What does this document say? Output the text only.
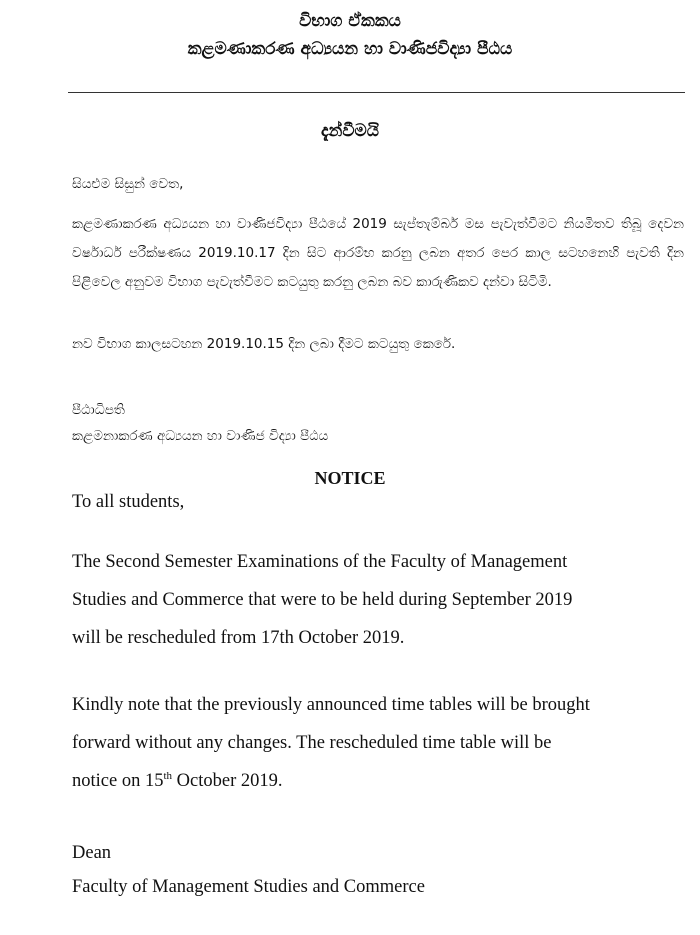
විභාග ඒකකය

කළමණාකරණ අධ්‍යයන හා වාණිජවිද්‍යා පීඨය

දැන්වීමයි

සියළුම සිසුන් වෙත,

කළමණාකරණ අධ්‍යයන හා වාණිජවිද්‍යා පීඨයේ 2019 සැප්තැම්බර් මස පැවැත්වීමට නියමිතව තිබූ දෙවන වර්ෂාර්ධ පරීක්ෂණය 2019.10.17 දින සිට ආරම්භ කරනු ලබන අතර පෙර කාල සටහනෙහි පැවති දින පිළිවෙල අනුවම විභාග පැවැත්වීමට කටයුතු කරනු ලබන බව කාරුණිකව දන්වා සිටිමි.

නව විභාග කාලසටහන 2019.10.15 දින ලබා දීමට කටයුතු කෙරේ.

පීඨාධිපති

කළමනාකරණ අධ්‍යයන හා වාණිජ විද්‍යා පීඨය

NOTICE

To all students,

The Second Semester Examinations of the Faculty of Management
Studies and Commerce that were to be held during September 2019
will be rescheduled from 17th October 2019.
Kindly note that the previously announced time tables will be brought
forward without any changes. The rescheduled time table will be
notice on 15th October 2019.

Dean

Faculty of Management Studies and Commerce
